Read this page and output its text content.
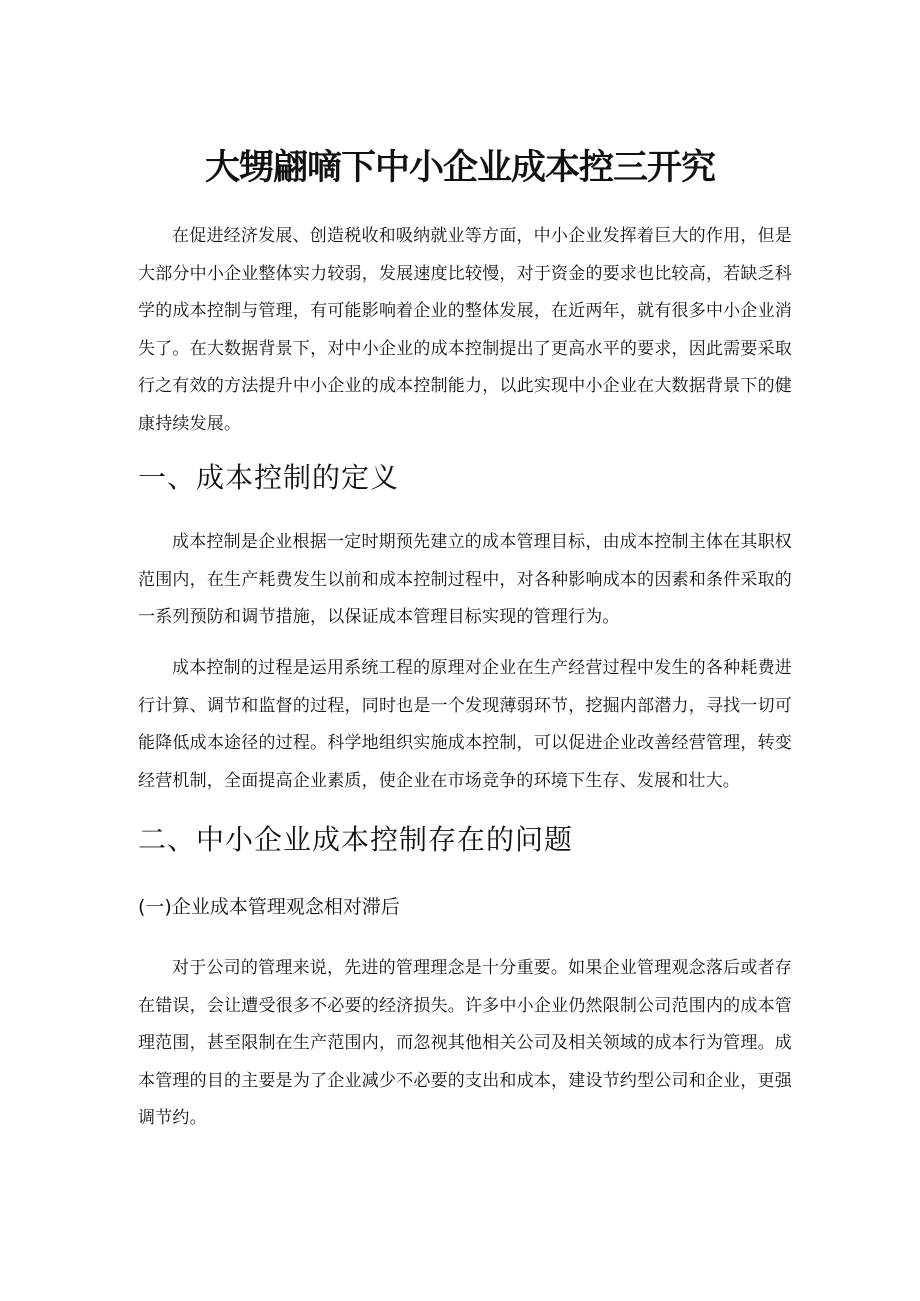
大甥翩嘀下中小企业成本控三开究

在促进经济发展、创造税收和吸纳就业等方面，中小企业发挥着巨大的作用，但是大部分中小企业整体实力较弱，发展速度比较慢，对于资金的要求也比较高，若缺乏科学的成本控制与管理，有可能影响着企业的整体发展，在近两年，就有很多中小企业消失了。在大数据背景下，对中小企业的成本控制提出了更高水平的要求，因此需要采取行之有效的方法提升中小企业的成本控制能力，以此实现中小企业在大数据背景下的健康持续发展。

一、成本控制的定义

成本控制是企业根据一定时期预先建立的成本管理目标，由成本控制主体在其职权范围内，在生产耗费发生以前和成本控制过程中，对各种影响成本的因素和条件采取的一系列预防和调节措施，以保证成本管理目标实现的管理行为。

成本控制的过程是运用系统工程的原理对企业在生产经营过程中发生的各种耗费进行计算、调节和监督的过程，同时也是一个发现薄弱环节，挖掘内部潜力，寻找一切可能降低成本途径的过程。科学地组织实施成本控制，可以促进企业改善经营管理，转变经营机制，全面提高企业素质，使企业在市场竞争的环境下生存、发展和壮大。

二、中小企业成本控制存在的问题
(一)企业成本管理观念相对滞后

对于公司的管理来说，先进的管理理念是十分重要。如果企业管理观念落后或者存在错误，会让遭受很多不必要的经济损失。许多中小企业仍然限制公司范围内的成本管理范围，甚至限制在生产范围内，而忽视其他相关公司及相关领域的成本行为管理。成本管理的目的主要是为了企业减少不必要的支出和成本，建设节约型公司和企业，更强调节约。
